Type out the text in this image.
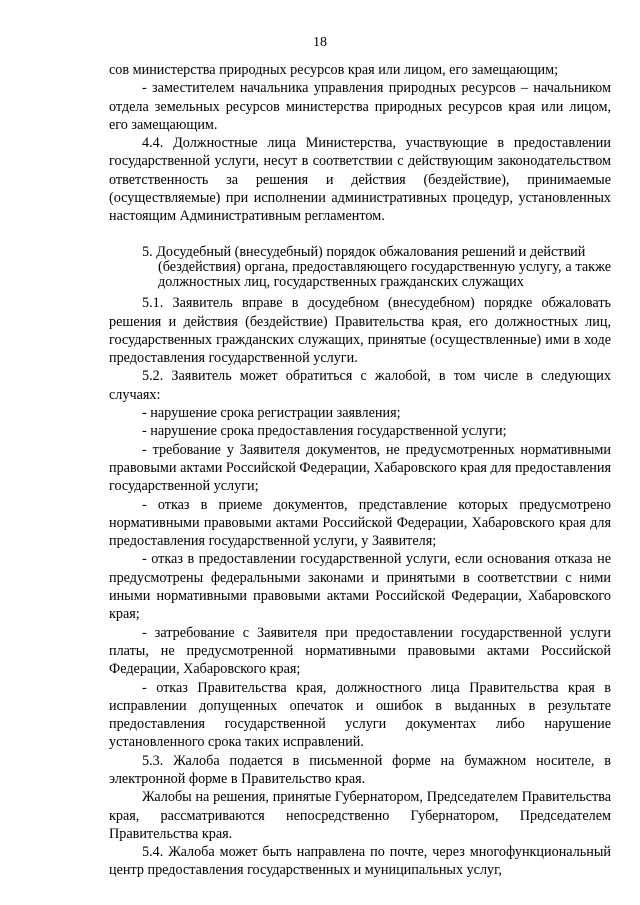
18

сов министерства природных ресурсов края или лицом, его замещающим;

- заместителем начальника управления природных ресурсов – начальником отдела земельных ресурсов министерства природных ресурсов края или лицом, его замещающим.

4.4. Должностные лица Министерства, участвующие в предоставлении государственной услуги, несут в соответствии с действующим законодательством ответственность за решения и действия (бездействие), принимаемые (осуществляемые) при исполнении административных процедур, установленных настоящим Административным регламентом.

5. Досудебный (внесудебный) порядок обжалования решений и действий
(бездействия) органа, предоставляющего государственную услугу, а также должностных лиц, государственных гражданских служащих

5.1. Заявитель вправе в досудебном (внесудебном) порядке обжаловать решения и действия (бездействие) Правительства края, его должностных лиц, государственных гражданских служащих, принятые (осуществленные) ими в ходе предоставления государственной услуги.

5.2. Заявитель может обратиться с жалобой, в том числе в следующих случаях:

- нарушение срока регистрации заявления;

- нарушение срока предоставления государственной услуги;

- требование у Заявителя документов, не предусмотренных нормативными правовыми актами Российской Федерации, Хабаровского края для предоставления государственной услуги;

- отказ в приеме документов, представление которых предусмотрено нормативными правовыми актами Российской Федерации, Хабаровского края для предоставления государственной услуги, у Заявителя;

- отказ в предоставлении государственной услуги, если основания отказа не предусмотрены федеральными законами и принятыми в соответствии с ними иными нормативными правовыми актами Российской Федерации, Хабаровского края;

- затребование с Заявителя при предоставлении государственной услуги платы, не предусмотренной нормативными правовыми актами Российской Федерации, Хабаровского края;

- отказ Правительства края, должностного лица Правительства края в исправлении допущенных опечаток и ошибок в выданных в результате предоставления государственной услуги документах либо нарушение установленного срока таких исправлений.

5.3. Жалоба подается в письменной форме на бумажном носителе, в электронной форме в Правительство края.

Жалобы на решения, принятые Губернатором, Председателем Правительства края, рассматриваются непосредственно Губернатором, Председателем Правительства края.

5.4. Жалоба может быть направлена по почте, через многофункциональный центр предоставления государственных и муниципальных услуг,
